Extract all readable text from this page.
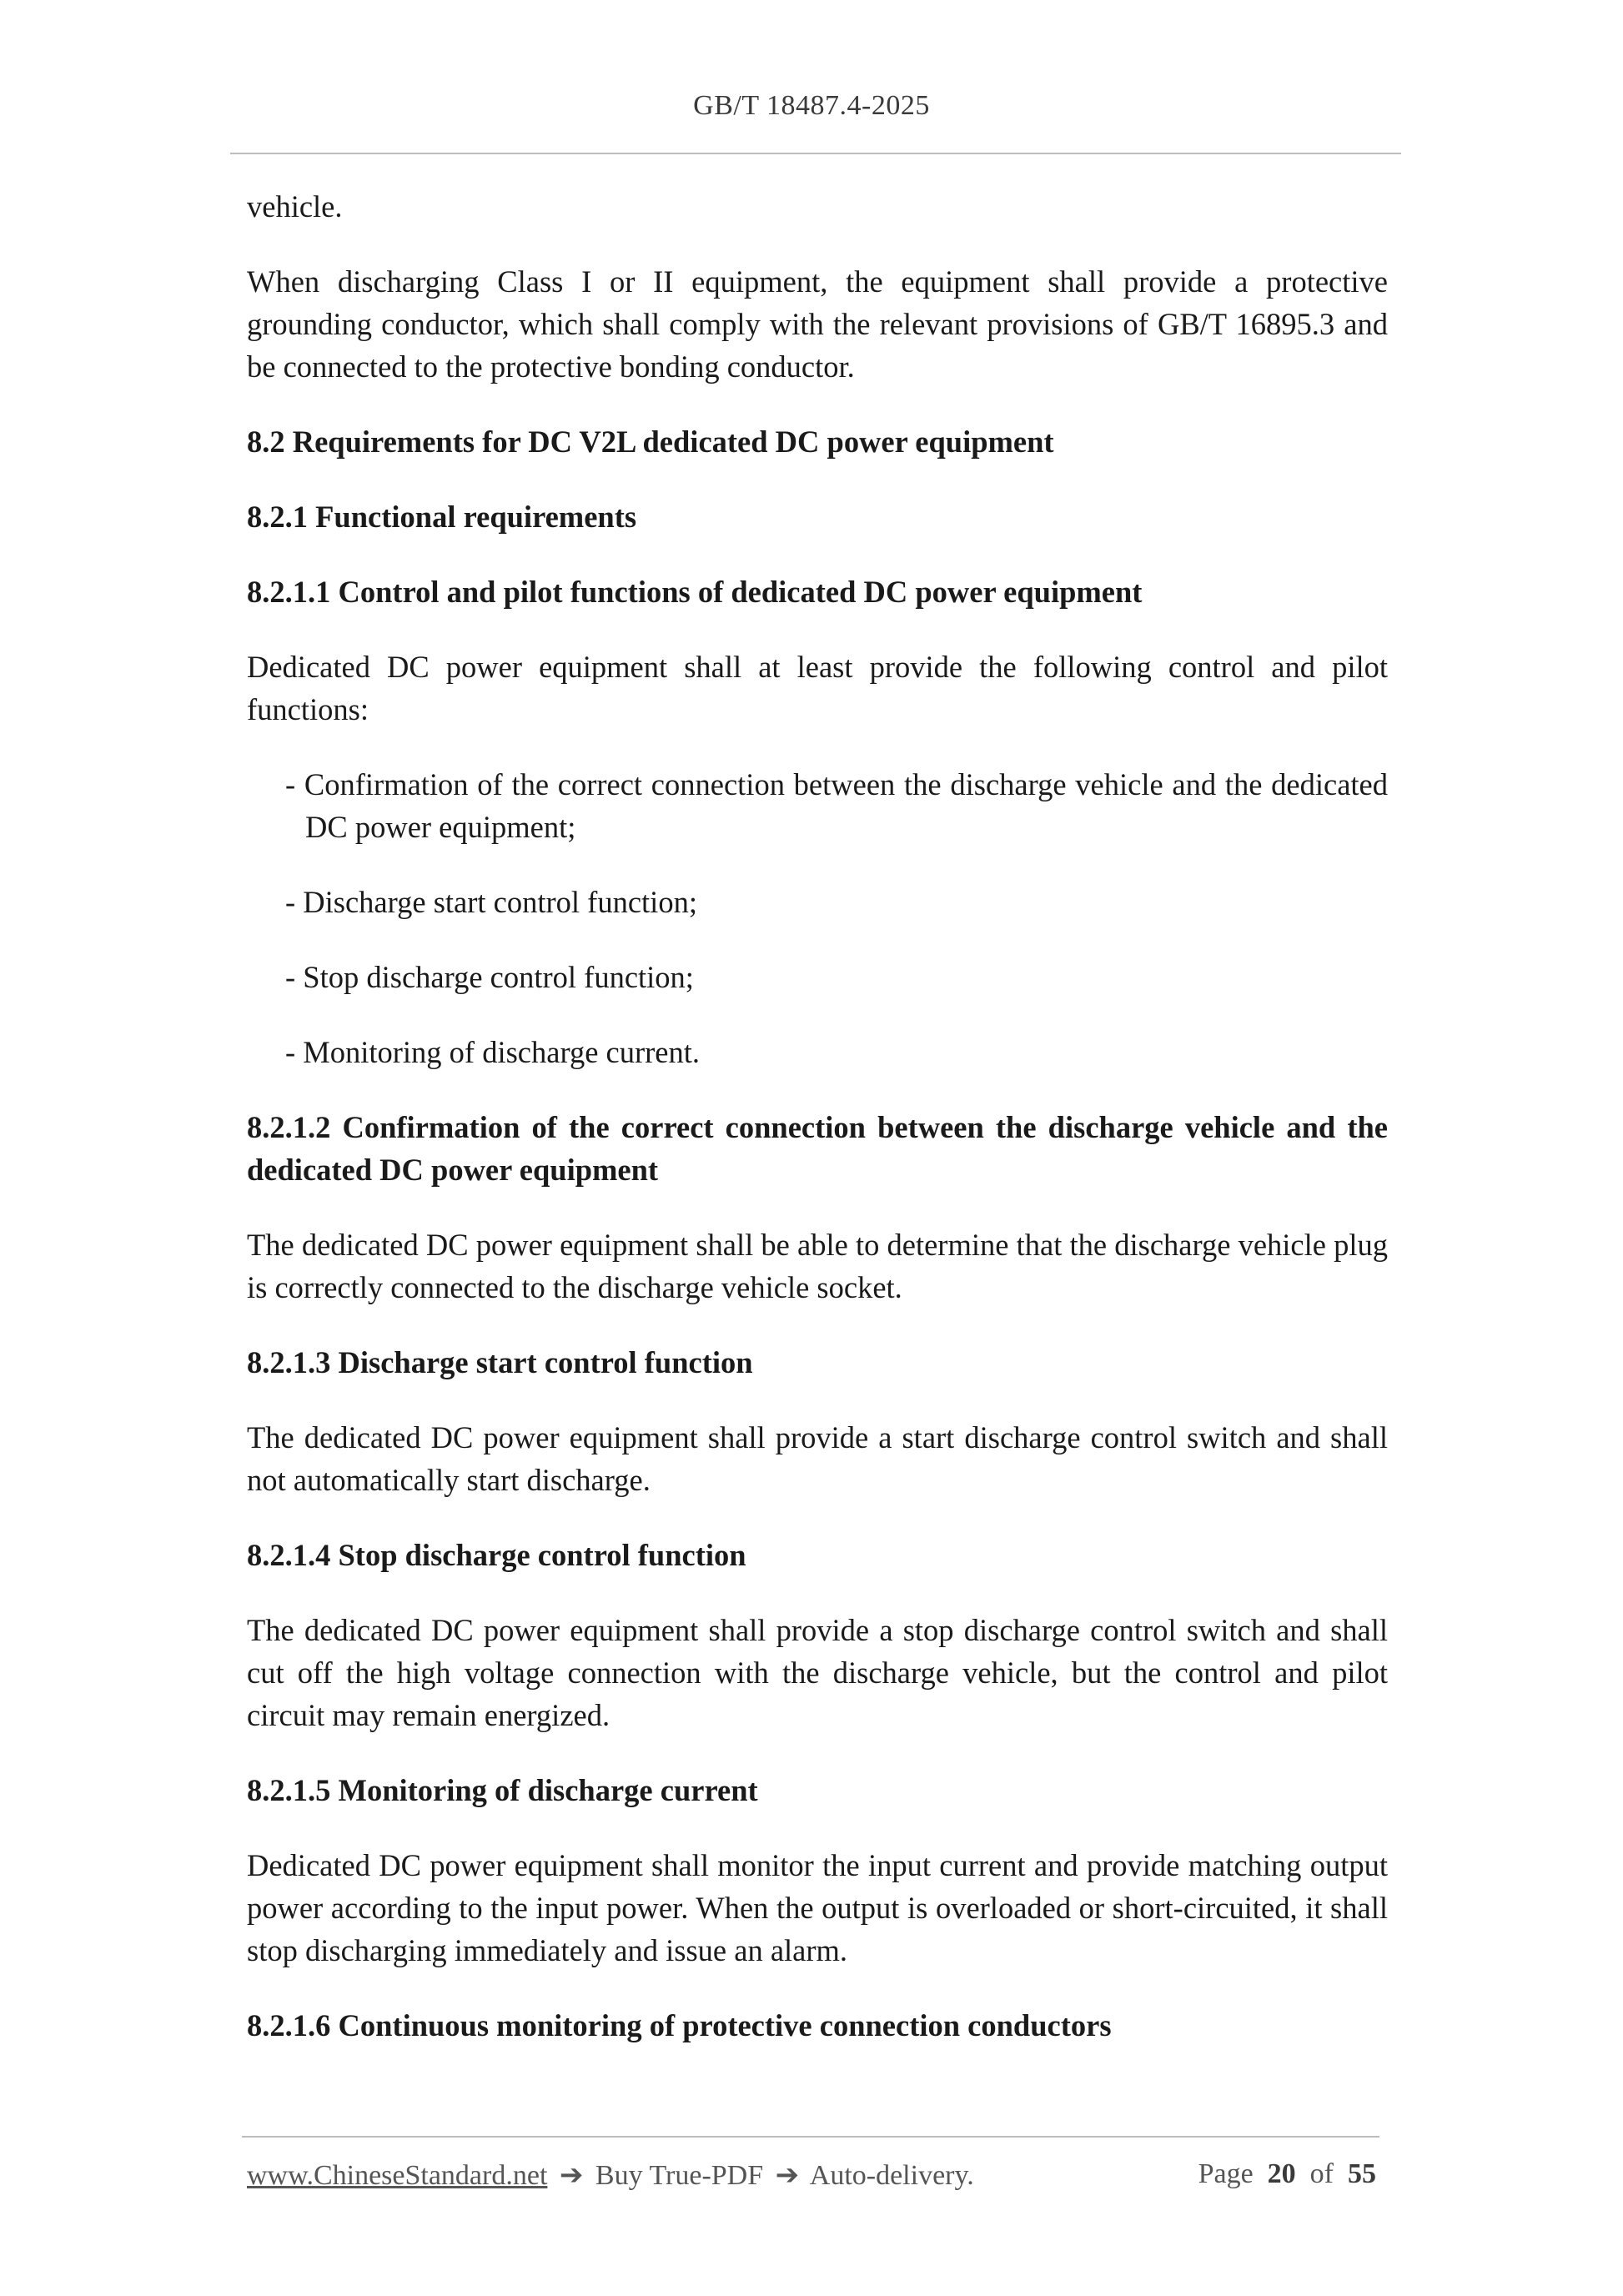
GB/T 18487.4-2025

vehicle.

When discharging Class I or II equipment, the equipment shall provide a protective grounding conductor, which shall comply with the relevant provisions of GB/T 16895.3 and be connected to the protective bonding conductor.

8.2 Requirements for DC V2L dedicated DC power equipment
8.2.1 Functional requirements
8.2.1.1 Control and pilot functions of dedicated DC power equipment

Dedicated DC power equipment shall at least provide the following control and pilot functions:

- Confirmation of the correct connection between the discharge vehicle and the dedicated DC power equipment;
- Discharge start control function;
- Stop discharge control function;
- Monitoring of discharge current.
8.2.1.2 Confirmation of the correct connection between the discharge vehicle and the dedicated DC power equipment

The dedicated DC power equipment shall be able to determine that the discharge vehicle plug is correctly connected to the discharge vehicle socket.

8.2.1.3 Discharge start control function

The dedicated DC power equipment shall provide a start discharge control switch and shall not automatically start discharge.

8.2.1.4 Stop discharge control function

The dedicated DC power equipment shall provide a stop discharge control switch and shall cut off the high voltage connection with the discharge vehicle, but the control and pilot circuit may remain energized.

8.2.1.5 Monitoring of discharge current

Dedicated DC power equipment shall monitor the input current and provide matching output power according to the input power. When the output is overloaded or short-circuited, it shall stop discharging immediately and issue an alarm.

8.2.1.6 Continuous monitoring of protective connection conductors
www.ChineseStandard.net ➔ Buy True-PDF ➔ Auto-delivery.	Page 20 of 55
